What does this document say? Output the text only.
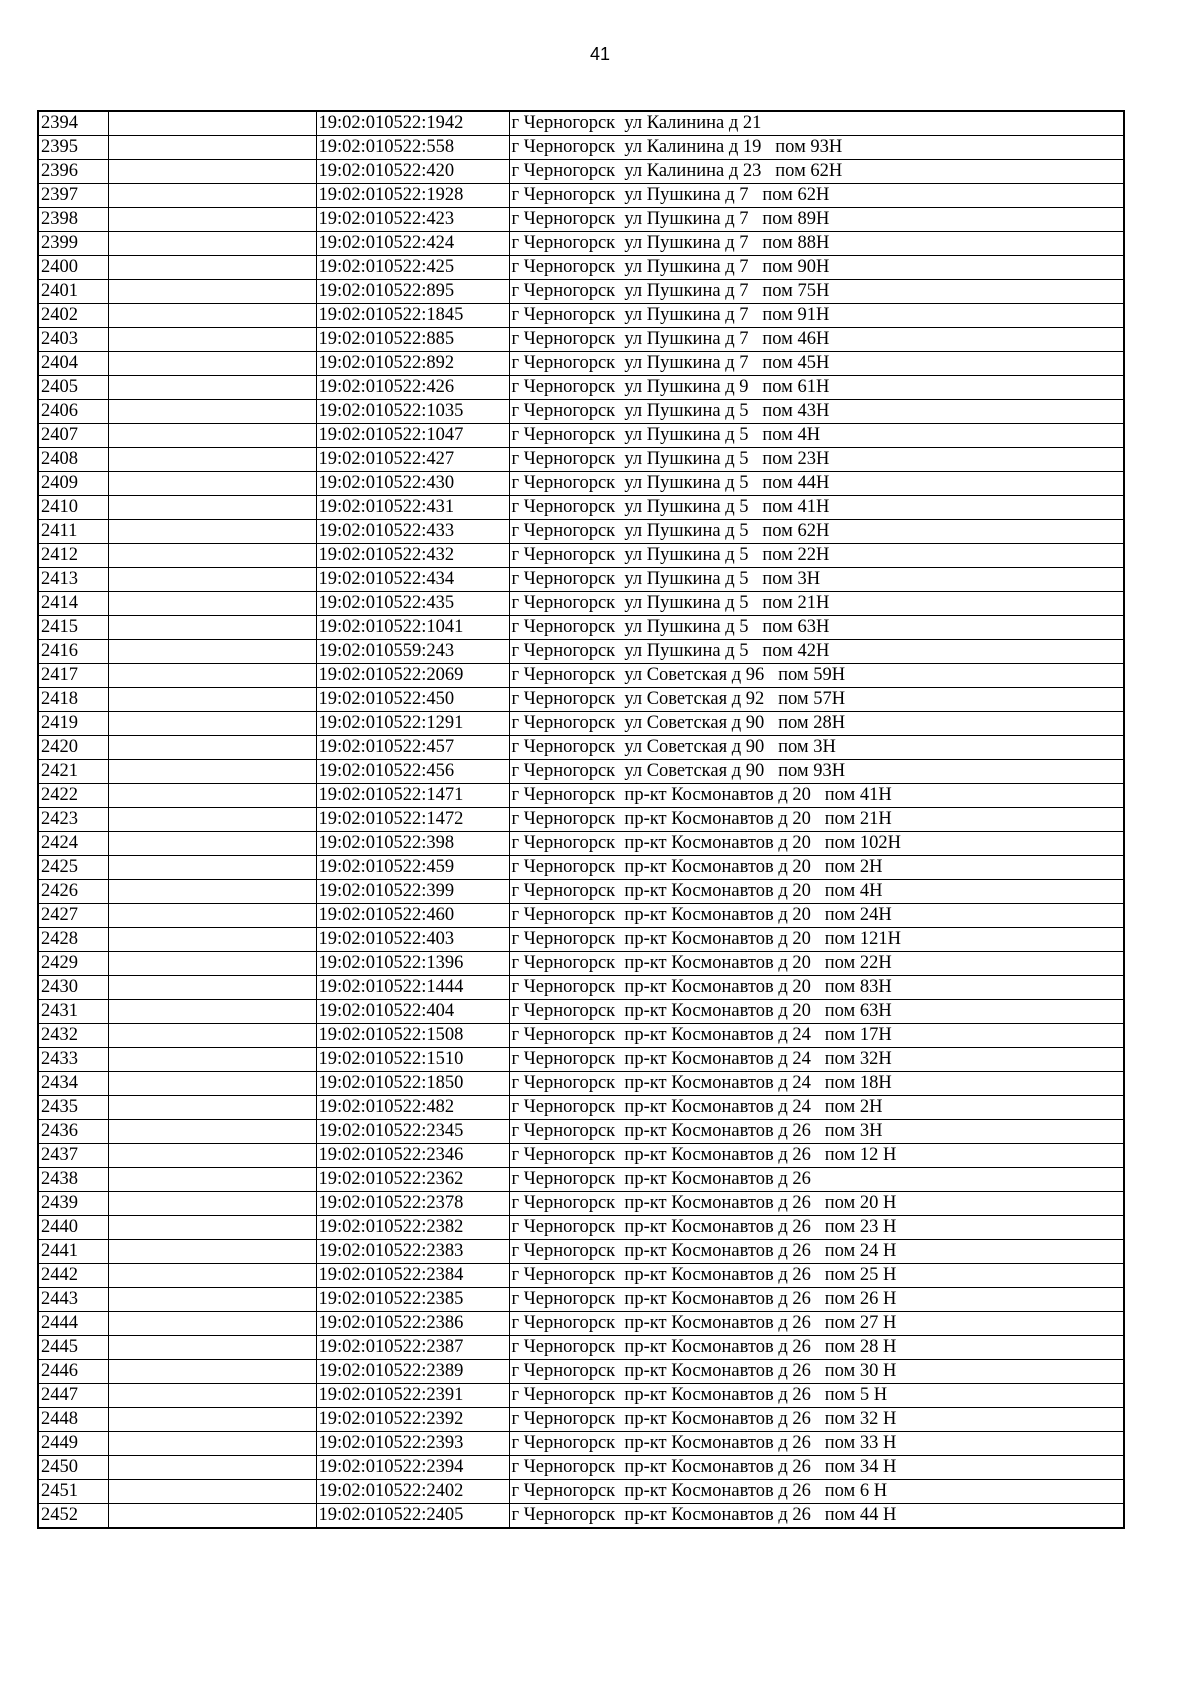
41
2394		19:02:010522:1942	г Черногорск  ул Калинина д 21
2395		19:02:010522:558	г Черногорск  ул Калинина д 19   пом 93Н
2396		19:02:010522:420	г Черногорск  ул Калинина д 23   пом 62Н
2397		19:02:010522:1928	г Черногорск  ул Пушкина д 7   пом 62Н
2398		19:02:010522:423	г Черногорск  ул Пушкина д 7   пом 89Н
2399		19:02:010522:424	г Черногорск  ул Пушкина д 7   пом 88Н
2400		19:02:010522:425	г Черногорск  ул Пушкина д 7   пом 90Н
2401		19:02:010522:895	г Черногорск  ул Пушкина д 7   пом 75Н
2402		19:02:010522:1845	г Черногорск  ул Пушкина д 7   пом 91Н
2403		19:02:010522:885	г Черногорск  ул Пушкина д 7   пом 46Н
2404		19:02:010522:892	г Черногорск  ул Пушкина д 7   пом 45Н
2405		19:02:010522:426	г Черногорск  ул Пушкина д 9   пом 61Н
2406		19:02:010522:1035	г Черногорск  ул Пушкина д 5   пом 43Н
2407		19:02:010522:1047	г Черногорск  ул Пушкина д 5   пом 4Н
2408		19:02:010522:427	г Черногорск  ул Пушкина д 5   пом 23Н
2409		19:02:010522:430	г Черногорск  ул Пушкина д 5   пом 44Н
2410		19:02:010522:431	г Черногорск  ул Пушкина д 5   пом 41Н
2411		19:02:010522:433	г Черногорск  ул Пушкина д 5   пом 62Н
2412		19:02:010522:432	г Черногорск  ул Пушкина д 5   пом 22Н
2413		19:02:010522:434	г Черногорск  ул Пушкина д 5   пом 3Н
2414		19:02:010522:435	г Черногорск  ул Пушкина д 5   пом 21Н
2415		19:02:010522:1041	г Черногорск  ул Пушкина д 5   пом 63Н
2416		19:02:010559:243	г Черногорск  ул Пушкина д 5   пом 42Н
2417		19:02:010522:2069	г Черногорск  ул Советская д 96   пом 59Н
2418		19:02:010522:450	г Черногорск  ул Советская д 92   пом 57Н
2419		19:02:010522:1291	г Черногорск  ул Советская д 90   пом 28Н
2420		19:02:010522:457	г Черногорск  ул Советская д 90   пом 3Н
2421		19:02:010522:456	г Черногорск  ул Советская д 90   пом 93Н
2422		19:02:010522:1471	г Черногорск  пр-кт Космонавтов д 20   пом 41Н
2423		19:02:010522:1472	г Черногорск  пр-кт Космонавтов д 20   пом 21Н
2424		19:02:010522:398	г Черногорск  пр-кт Космонавтов д 20   пом 102Н
2425		19:02:010522:459	г Черногорск  пр-кт Космонавтов д 20   пом 2Н
2426		19:02:010522:399	г Черногорск  пр-кт Космонавтов д 20   пом 4Н
2427		19:02:010522:460	г Черногорск  пр-кт Космонавтов д 20   пом 24Н
2428		19:02:010522:403	г Черногорск  пр-кт Космонавтов д 20   пом 121Н
2429		19:02:010522:1396	г Черногорск  пр-кт Космонавтов д 20   пом 22Н
2430		19:02:010522:1444	г Черногорск  пр-кт Космонавтов д 20   пом 83Н
2431		19:02:010522:404	г Черногорск  пр-кт Космонавтов д 20   пом 63Н
2432		19:02:010522:1508	г Черногорск  пр-кт Космонавтов д 24   пом 17Н
2433		19:02:010522:1510	г Черногорск  пр-кт Космонавтов д 24   пом 32Н
2434		19:02:010522:1850	г Черногорск  пр-кт Космонавтов д 24   пом 18Н
2435		19:02:010522:482	г Черногорск  пр-кт Космонавтов д 24   пом 2Н
2436		19:02:010522:2345	г Черногорск  пр-кт Космонавтов д 26   пом 3Н
2437		19:02:010522:2346	г Черногорск  пр-кт Космонавтов д 26   пом 12 Н
2438		19:02:010522:2362	г Черногорск  пр-кт Космонавтов д 26
2439		19:02:010522:2378	г Черногорск  пр-кт Космонавтов д 26   пом 20 Н
2440		19:02:010522:2382	г Черногорск  пр-кт Космонавтов д 26   пом 23 Н
2441		19:02:010522:2383	г Черногорск  пр-кт Космонавтов д 26   пом 24 Н
2442		19:02:010522:2384	г Черногорск  пр-кт Космонавтов д 26   пом 25 Н
2443		19:02:010522:2385	г Черногорск  пр-кт Космонавтов д 26   пом 26 Н
2444		19:02:010522:2386	г Черногорск  пр-кт Космонавтов д 26   пом 27 Н
2445		19:02:010522:2387	г Черногорск  пр-кт Космонавтов д 26   пом 28 Н
2446		19:02:010522:2389	г Черногорск  пр-кт Космонавтов д 26   пом 30 Н
2447		19:02:010522:2391	г Черногорск  пр-кт Космонавтов д 26   пом 5 Н
2448		19:02:010522:2392	г Черногорск  пр-кт Космонавтов д 26   пом 32 Н
2449		19:02:010522:2393	г Черногорск  пр-кт Космонавтов д 26   пом 33 Н
2450		19:02:010522:2394	г Черногорск  пр-кт Космонавтов д 26   пом 34 Н
2451		19:02:010522:2402	г Черногорск  пр-кт Космонавтов д 26   пом 6 Н
2452		19:02:010522:2405	г Черногорск  пр-кт Космонавтов д 26   пом 44 Н
